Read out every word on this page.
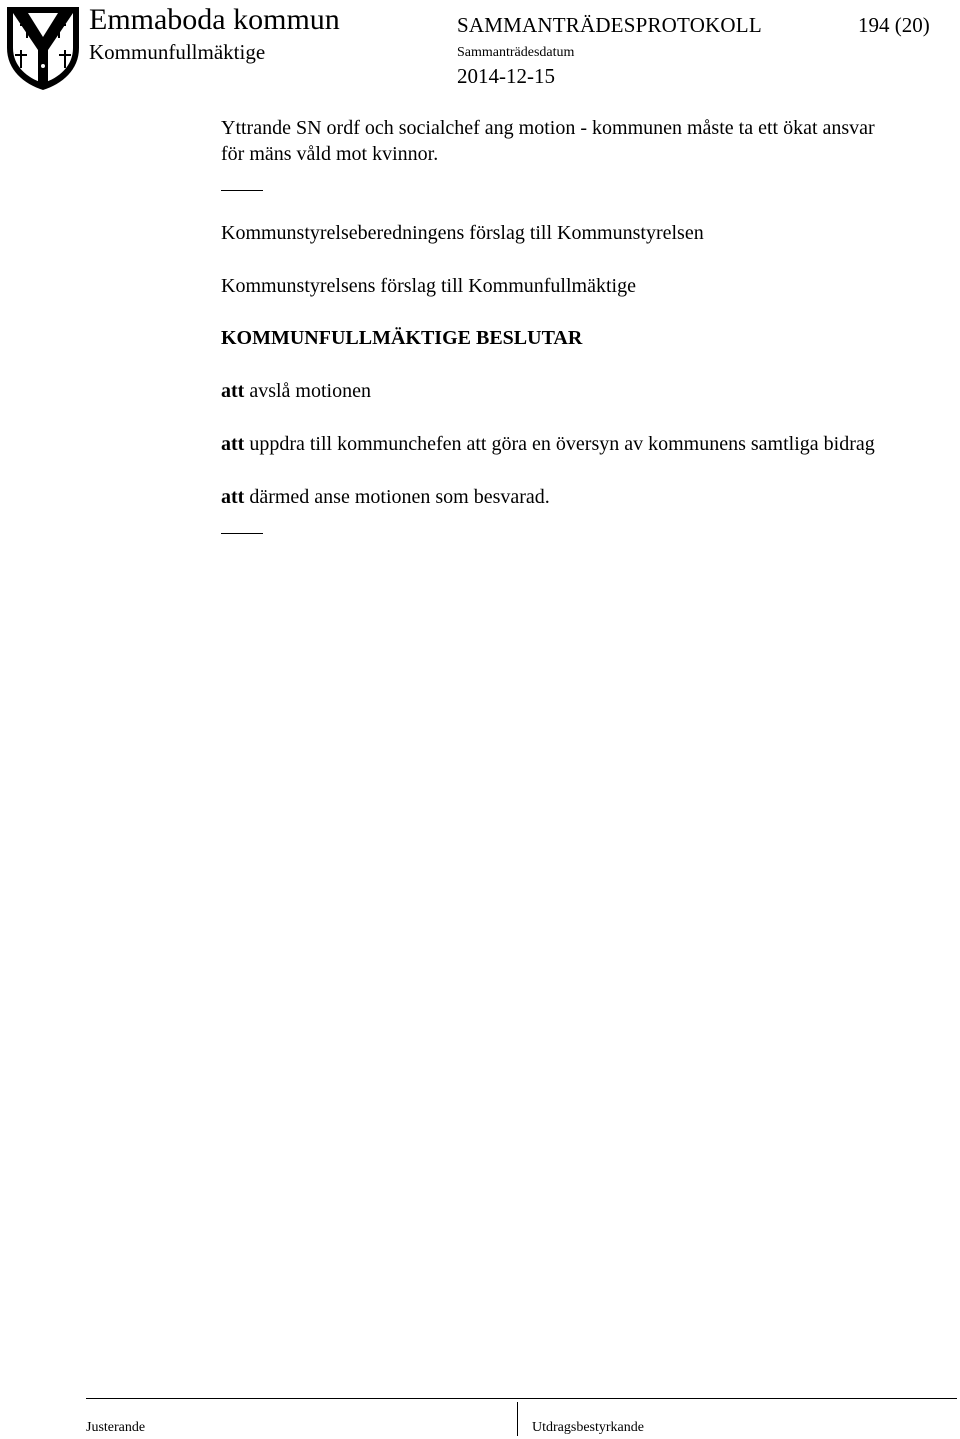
Emmaboda kommun
Kommunfullmäktige
SAMMANTRÄDESPROTOKOLL	194 (20)
Sammanträdesdatum
2014-12-15
Yttrande SN ordf och socialchef ang motion - kommunen måste ta ett ökat ansvar
för mäns våld mot kvinnor.
Kommunstyrelseberedningens förslag till Kommunstyrelsen
Kommunstyrelsens förslag till Kommunfullmäktige
KOMMUNFULLMÄKTIGE BESLUTAR
att avslå motionen
att uppdra till kommunchefen att göra en översyn av kommunens samtliga bidrag
att därmed anse motionen som besvarad.
Justerande	Utdragsbestyrkande
